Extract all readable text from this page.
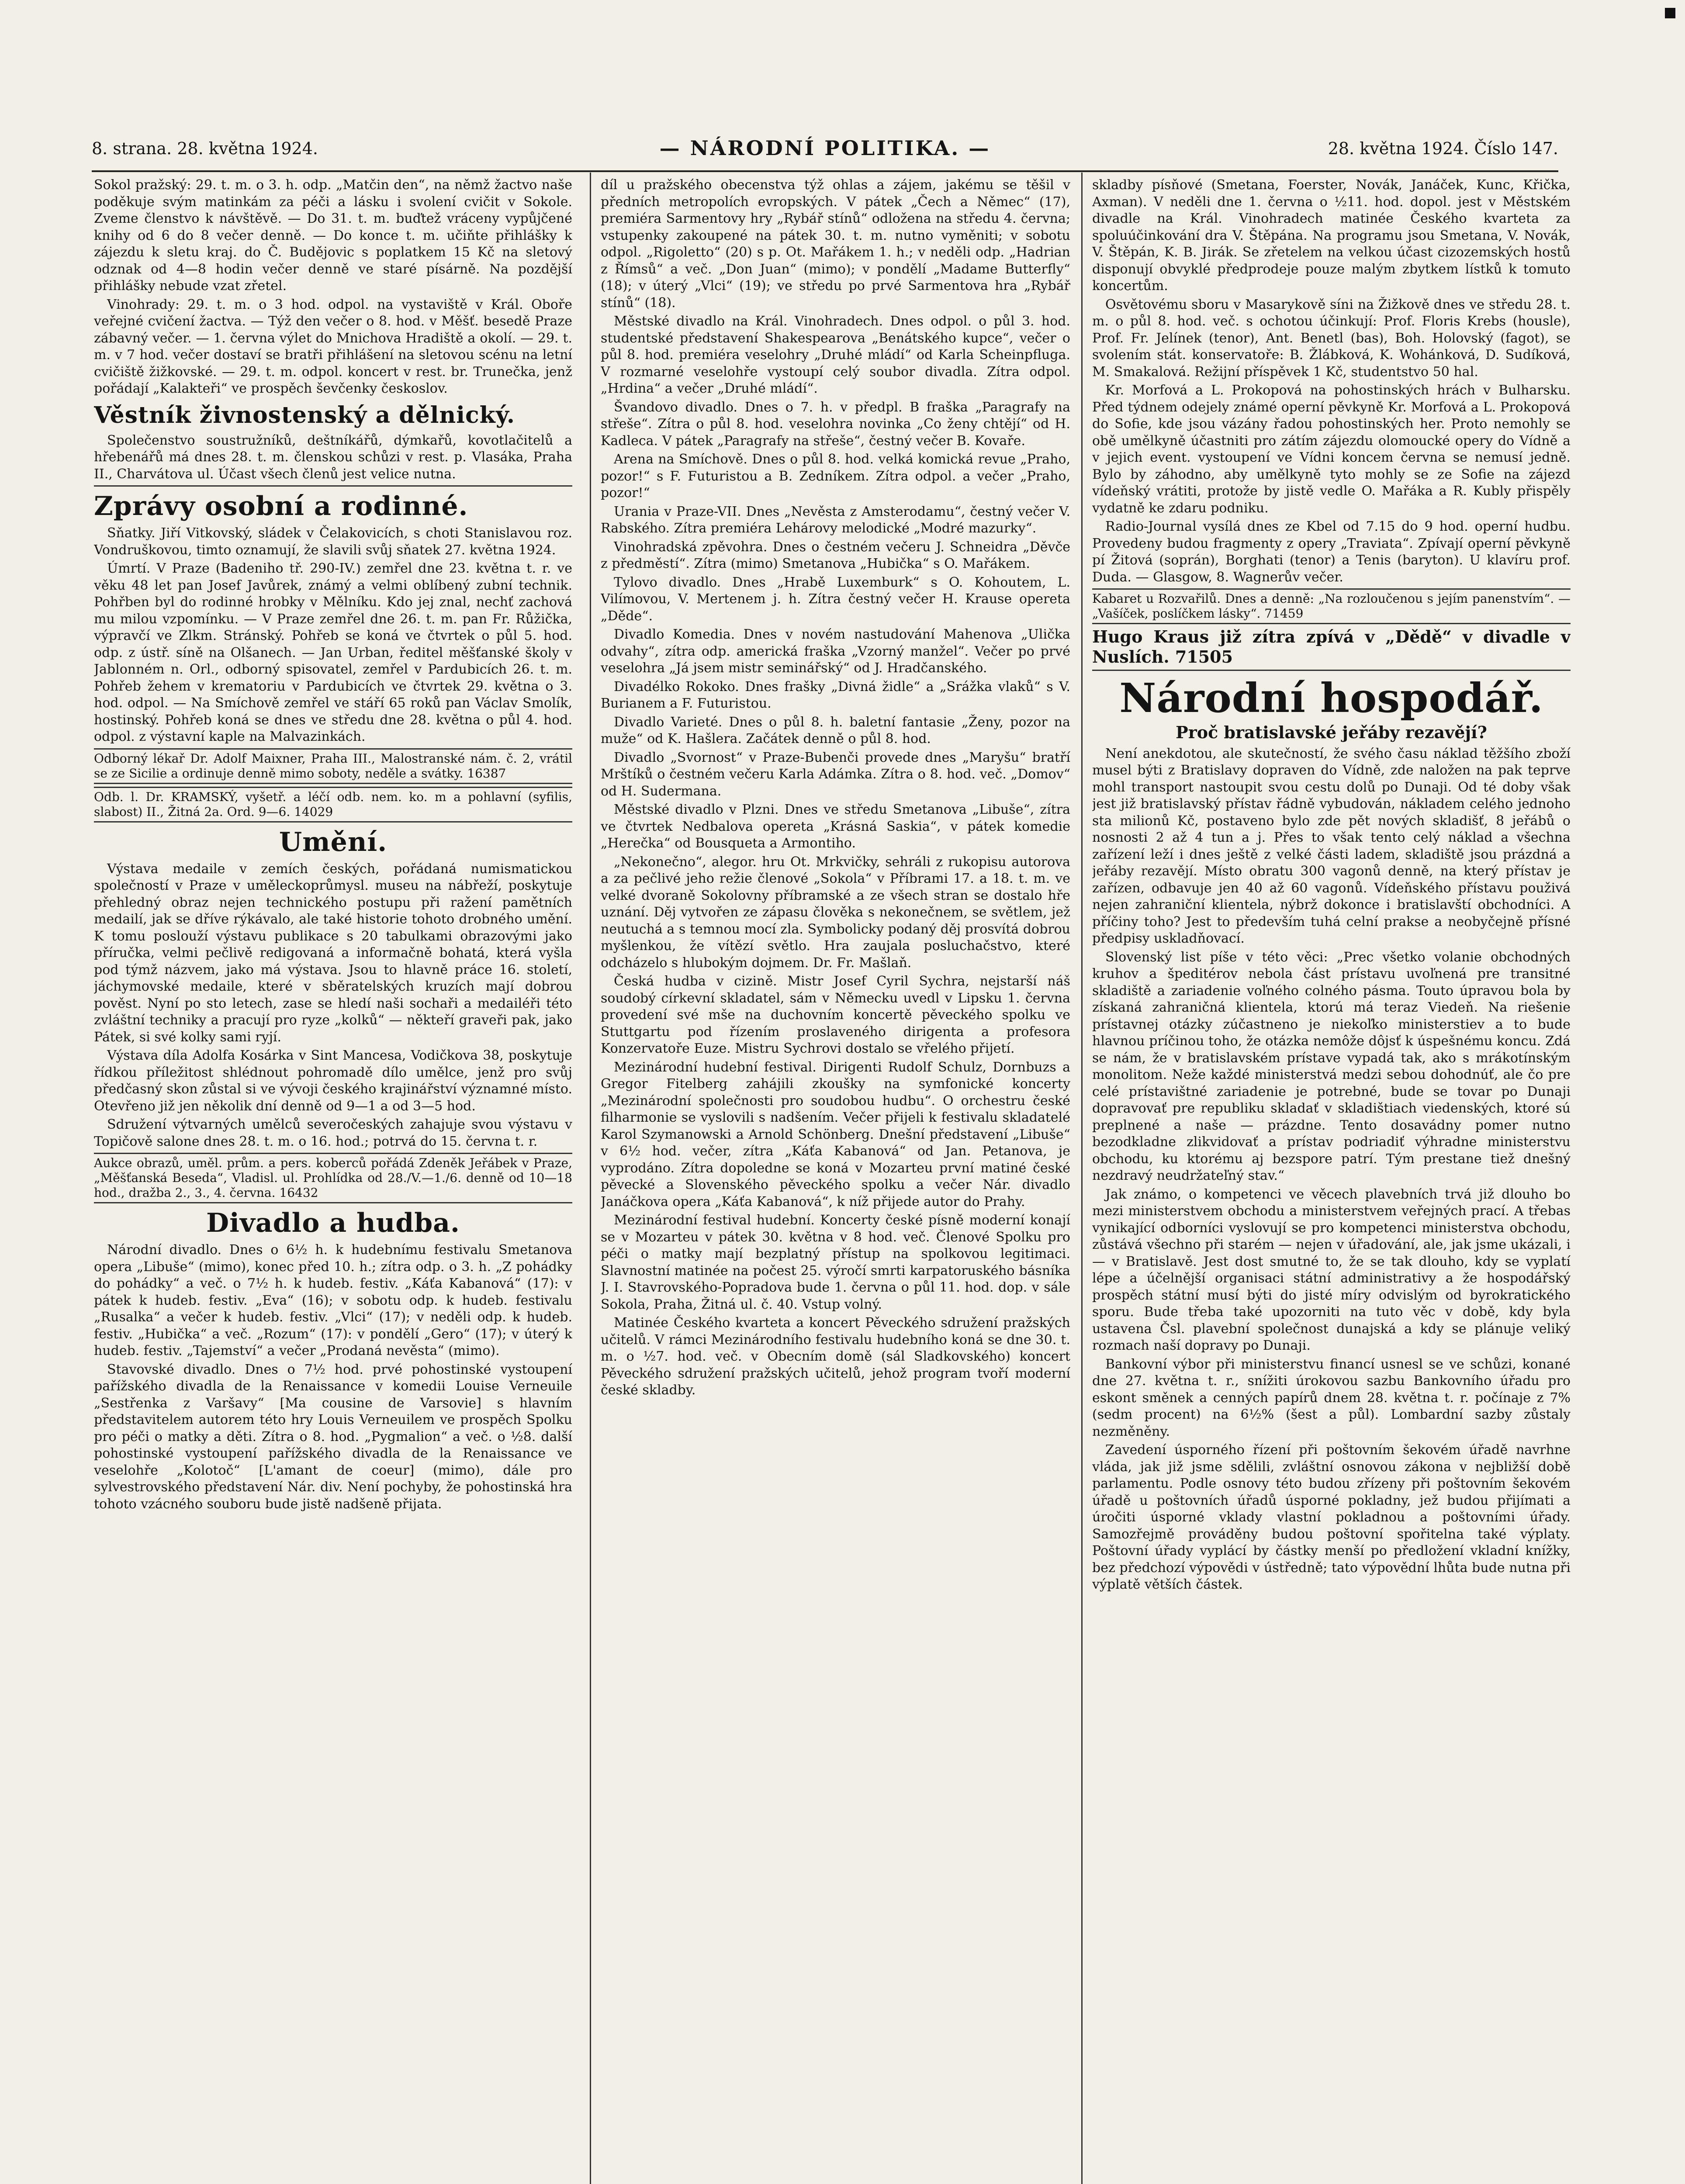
8. strana. 28. května 1924.	— NÁRODNÍ POLITIKA. —	28. května 1924. Číslo 147.

Sokol pražský: 29. t. m. o 3. h. odp. „Matčin den“, na němž žactvo naše poděkuje svým matinkám za péči a lásku i svolení cvičit v Sokole. Zveme členstvo k návštěvě. — Do 31. t. m. buďtež vráceny vypůjčené knihy od 6 do 8 večer denně. — Do konce t. m. učiňte přihlášky k zájezdu k sletu kraj. do Č. Budějovic s poplatkem 15 Kč na sletový odznak od 4—8 hodin večer denně ve staré písárně. Na pozdější přihlášky nebude vzat zřetel.

Vinohrady: 29. t. m. o 3 hod. odpol. na vystaviště v Král. Oboře veřejné cvičení žactva. — Týž den večer o 8. hod. v Měšť. besedě Praze zábavný večer. — 1. června výlet do Mnichova Hradiště a okolí. — 29. t. m. v 7 hod. večer dostaví se bratři přihlášení na sletovou scénu na letní cvičiště žižkovské. — 29. t. m. odpol. koncert v rest. br. Trunečka, jenž pořádají „Kalakteři“ ve prospěch ševčenky českoslov.

Věstník živnostenský a dělnický.

Společenstvo soustružníků, deštníkářů, dýmkařů, kovotlačitelů a hřebenářů má dnes 28. t. m. členskou schůzi v rest. p. Vlasáka, Praha II., Charvátova ul. Účast všech členů jest velice nutna.

Zprávy osobní a rodinné.

Sňatky. Jiří Vitkovský, sládek v Čelakovicích, s choti Stanislavou roz. Vondruškovou, timto oznamují, že slavili svůj sňatek 27. května 1924.

Úmrtí. V Praze (Badeniho tř. 290-IV.) zemřel dne 23. května t. r. ve věku 48 let pan Josef Javůrek, známý a velmi oblíbený zubní technik. Pohřben byl do rodinné hrobky v Mělníku. Kdo jej znal, nechť zachová mu milou vzpomínku. — V Praze zemřel dne 26. t. m. pan Fr. Růžička, výpravčí ve Zlkm. Stránský. Pohřeb se koná ve čtvrtek o půl 5. hod. odp. z ústř. síně na Olšanech. — Jan Urban, ředitel měšťanské školy v Jablonném n. Orl., odborný spisovatel, zemřel v Pardubicích 26. t. m. Pohřeb žehem v krematoriu v Pardubicích ve čtvrtek 29. května o 3. hod. odpol. — Na Smíchově zemřel ve stáří 65 roků pan Václav Smolík, hostinský. Pohřeb koná se dnes ve středu dne 28. května o půl 4. hod. odpol. z výstavní kaple na Malvazinkách.

Odborný lékař Dr. Adolf Maixner, Praha III., Malostranské nám. č. 2, vrátil se ze Sicilie a ordinuje denně mimo soboty, neděle a svátky. 16387
Odb. l. Dr. KRAMSKÝ, vyšetř. a léčí odb. nem. ko. m a pohlavní (syfilis, slabost) II., Žitná 2a. Ord. 9—6. 14029
Umění.

Výstava medaile v zemích českých, pořádaná numismatickou společností v Praze v uměleckoprůmysl. museu na nábřeží, poskytuje přehledný obraz nejen technického postupu při ražení pamětních medailí, jak se dříve rýkávalo, ale také historie tohoto drobného umění. K tomu poslouží výstavu publikace s 20 tabulkami obrazovými jako příručka, velmi pečlivě redigovaná a informačně bohatá, která vyšla pod týmž názvem, jako má výstava. Jsou to hlavně práce 16. století, jáchymovské medaile, které v sběratelských kruzích mají dobrou pověst. Nyní po sto letech, zase se hledí naši sochaři a medailéři této zvláštní techniky a pracují pro ryze „kolků“ — někteří graveři pak, jako Pátek, si své kolky sami ryjí.

Výstava díla Adolfa Kosárka v Sint Mancesa, Vodičkova 38, poskytuje řídkou příležitost shlédnout pohromadě dílo umělce, jenž pro svůj předčasný skon zůstal si ve vývoji českého krajinářství významné místo. Otevřeno již jen několik dní denně od 9—1 a od 3—5 hod.

Sdružení výtvarných umělců severočeských zahajuje svou výstavu v Topičově salone dnes 28. t. m. o 16. hod.; potrvá do 15. června t. r.

Aukce obrazů, uměl. prům. a pers. koberců pořádá Zdeněk Jeřábek v Praze, „Měšťanská Beseda“, Vladisl. ul. Prohlídka od 28./V.—1./6. denně od 10—18 hod., dražba 2., 3., 4. června. 16432
Divadlo a hudba.

Národní divadlo. Dnes o 6½ h. k hudebnímu festivalu Smetanova opera „Libuše“ (mimo), konec před 10. h.; zítra odp. o 3. h. „Z pohádky do pohádky“ a več. o 7½ h. k hudeb. festiv. „Káťa Kabanová“ (17): v pátek k hudeb. festiv. „Eva“ (16); v sobotu odp. k hudeb. festivalu „Rusalka“ a večer k hudeb. festiv. „Vlci“ (17); v neděli odp. k hudeb. festiv. „Hubička“ a več. „Rozum“ (17): v pondělí „Gero“ (17); v úterý k hudeb. festiv. „Tajemství“ a večer „Prodaná nevěsta“ (mimo).

Stavovské divadlo. Dnes o 7½ hod. prvé pohostinské vystoupení pařížského divadla de la Renaissance v komedii Louise Verneuile „Sestřenka z Varšavy“ [Ma cousine de Varsovie] s hlavním představitelem autorem této hry Louis Verneuilem ve prospěch Spolku pro péči o matky a děti. Zítra o 8. hod. „Pygmalion“ a več. o ½8. další pohostinské vystoupení pařížského divadla de la Renaissance ve veselohře „Kolotoč“ [L'amant de coeur] (mimo), dále pro sylvestrovského představení Nár. div. Není pochyby, že pohostinská hra tohoto vzácného souboru bude jistě nadšeně přijata.

díl u pražského obecenstva týž ohlas a zájem, jakému se těšil v předních metropolích evropských. V pátek „Čech a Němec“ (17), premiéra Sarmentovy hry „Rybář stínů“ odložena na středu 4. června; vstupenky zakoupené na pátek 30. t. m. nutno vyměniti; v sobotu odpol. „Rigoletto“ (20) s p. Ot. Mařákem 1. h.; v neděli odp. „Hadrian z Římsů“ a več. „Don Juan“ (mimo); v pondělí „Madame Butterfly“ (18); v úterý „Vlci“ (19); ve středu po prvé Sarmentova hra „Rybář stínů“ (18).

Městské divadlo na Král. Vinohradech. Dnes odpol. o půl 3. hod. studentské představení Shakespearova „Benátského kupce“, večer o půl 8. hod. premiéra veselohry „Druhé mládí“ od Karla Scheinpfluga. V rozmarné veselohře vystoupí celý soubor divadla. Zítra odpol. „Hrdina“ a večer „Druhé mládí“.

Švandovo divadlo. Dnes o 7. h. v předpl. B fraška „Paragrafy na střeše“. Zítra o půl 8. hod. veselohra novinka „Co ženy chtějí“ od H. Kadleca. V pátek „Paragrafy na střeše“, čestný večer B. Kovaře.

Arena na Smíchově. Dnes o půl 8. hod. velká komická revue „Praho, pozor!“ s F. Futuristou a B. Zedníkem. Zítra odpol. a večer „Praho, pozor!“

Urania v Praze-VII. Dnes „Nevěsta z Amsterodamu“, čestný večer V. Rabského. Zítra premiéra Lehárovy melodické „Modré mazurky“.

Vinohradská zpěvohra. Dnes o čestném večeru J. Schneidra „Děvče z předměstí“. Zítra (mimo) Smetanova „Hubička“ s O. Mařákem.

Tylovo divadlo. Dnes „Hrabě Luxemburk“ s O. Kohoutem, L. Vilímovou, V. Mertenem j. h. Zítra čestný večer H. Krause opereta „Děde“.

Divadlo Komedia. Dnes v novém nastudování Mahenova „Ulička odvahy“, zítra odp. americká fraška „Vzorný manžel“. Večer po prvé veselohra „Já jsem mistr seminářský“ od J. Hradčanského.

Divadélko Rokoko. Dnes frašky „Divná židle“ a „Srážka vlaků“ s V. Burianem a F. Futuristou.

Divadlo Varieté. Dnes o půl 8. h. baletní fantasie „Ženy, pozor na muže“ od K. Hašlera. Začátek denně o půl 8. hod.

Divadlo „Svornost“ v Praze-Bubenči provede dnes „Maryšu“ bratří Mrštíků o čestném večeru Karla Adámka. Zítra o 8. hod. več. „Domov“ od H. Sudermana.

Městské divadlo v Plzni. Dnes ve středu Smetanova „Libuše“, zítra ve čtvrtek Nedbalova opereta „Krásná Saskia“, v pátek komedie „Herečka“ od Bousqueta a Armontiho.

„Nekonečno“, alegor. hru Ot. Mrkvičky, sehráli z rukopisu autorova a za pečlivé jeho režie členové „Sokola“ v Příbrami 17. a 18. t. m. ve velké dvoraně Sokolovny příbramské a ze všech stran se dostalo hře uznání. Děj vytvořen ze zápasu člověka s nekonečnem, se světlem, jež neutuchá a s temnou mocí zla. Symbolicky podaný děj prosvítá dobrou myšlenkou, že vítězí světlo. Hra zaujala posluchačstvo, které odcházelo s hlubokým dojmem. Dr. Fr. Mašlaň.

Česká hudba v cizině. Mistr Josef Cyril Sychra, nejstarší náš soudobý církevní skladatel, sám v Německu uvedl v Lipsku 1. června provedení své mše na duchovním koncertě pěveckého spolku ve Stuttgartu pod řízením proslaveného dirigenta a profesora Konzervatoře Euze. Mistru Sychrovi dostalo se vřelého přijetí.

Mezinárodní hudební festival. Dirigenti Rudolf Schulz, Dornbuzs a Gregor Fitelberg zahájili zkoušky na symfonické koncerty „Mezinárodní společnosti pro soudobou hudbu“. O orchestru české filharmonie se vyslovili s nadšením. Večer přijeli k festivalu skladatelé Karol Szymanowski a Arnold Schönberg. Dnešní představení „Libuše“ v 6½ hod. večer, zítra „Káťa Kabanová“ od Jan. Petanova, je vyprodáno. Zítra dopoledne se koná v Mozarteu první matiné české pěvecké a Slovenského pěveckého spolku a večer Nár. divadlo Janáčkova opera „Káťa Kabanová“, k níž přijede autor do Prahy.

Mezinárodní festival hudební. Koncerty české písně moderní konají se v Mozarteu v pátek 30. května v 8 hod. več. Členové Spolku pro péči o matky mají bezplatný přístup na spolkovou legitimaci. Slavnostní matinée na počest 25. výročí smrti karpatoruského básníka J. I. Stavrovského-Popradova bude 1. června o půl 11. hod. dop. v sále Sokola, Praha, Žitná ul. č. 40. Vstup volný.

Matinée Českého kvarteta a koncert Pěveckého sdružení pražských učitelů. V rámci Mezinárodního festivalu hudebního koná se dne 30. t. m. o ½7. hod. več. v Obecním domě (sál Sladkovského) koncert Pěveckého sdružení pražských učitelů, jehož program tvoří moderní české skladby.

skladby písňové (Smetana, Foerster, Novák, Janáček, Kunc, Křička, Axman). V neděli dne 1. června o ½11. hod. dopol. jest v Městském divadle na Král. Vinohradech matinée Českého kvarteta za spoluúčinkování dra V. Štěpána. Na programu jsou Smetana, V. Novák, V. Štěpán, K. B. Jirák. Se zřetelem na velkou účast cizozemských hostů disponují obvyklé předprodeje pouze malým zbytkem lístků k tomuto koncertům.

Osvětovému sboru v Masarykově síni na Žižkově dnes ve středu 28. t. m. o půl 8. hod. več. s ochotou účinkují: Prof. Floris Krebs (housle), Prof. Fr. Jelínek (tenor), Ant. Benetl (bas), Boh. Holovský (fagot), se svolením stát. konservatoře: B. Žlábková, K. Wohánková, D. Sudíková, M. Smakalová. Režijní příspěvek 1 Kč, studentstvo 50 hal.

Kr. Morfová a L. Prokopová na pohostinských hrách v Bulharsku. Před týdnem odejely známé operní pěvkyně Kr. Morfová a L. Prokopová do Sofie, kde jsou vázány řadou pohostinských her. Proto nemohly se obě umělkyně účastniti pro zátím zájezdu olomoucké opery do Vídně a v jejich event. vystoupení ve Vídni koncem června se nemusí jedně. Bylo by záhodno, aby umělkyně tyto mohly se ze Sofie na zájezd vídeňský vrátiti, protože by jistě vedle O. Mařáka a R. Kubly přispěly vydatně ke zdaru podniku.

Radio-Journal vysílá dnes ze Kbel od 7.15 do 9 hod. operní hudbu. Provedeny budou fragmenty z opery „Traviata“. Zpívají operní pěvkyně pí Žitová (soprán), Borghati (tenor) a Tenis (baryton). U klavíru prof. Duda. — Glasgow, 8. Wagnerův večer.

Kabaret u Rozvařilů. Dnes a denně: „Na rozloučenou s jejím panenstvím“. — „Vašíček, poslíčkem lásky“. 71459
Hugo Kraus již zítra zpívá v „Dědě“ v divadle v Nuslích. 71505
Národní hospodář.
Proč bratislavské jeřáby rezavějí?

Není anekdotou, ale skutečností, že svého času náklad těžšího zboží musel býti z Bratislavy dopraven do Vídně, zde naložen na pak teprve mohl transport nastoupit svou cestu dolů po Dunaji. Od té doby však jest již bratislavský přístav řádně vybudován, nákladem celého jednoho sta milionů Kč, postaveno bylo zde pět nových skladišť, 8 jeřábů o nosnosti 2 až 4 tun a j. Přes to však tento celý náklad a všechna zařízení leží i dnes ještě z velké části ladem, skladiště jsou prázdná a jeřáby rezavějí. Místo obratu 300 vagonů denně, na který přístav je zařízen, odbavuje jen 40 až 60 vagonů. Vídeňského přístavu použivá nejen zahraniční klientela, nýbrž dokonce i bratislavští obchodníci. A příčiny toho? Jest to především tuhá celní prakse a neobyčejně přísné předpisy uskladňovací.

Slovenský list píše v této věci: „Prec všetko volanie obchodných kruhov a špeditérov nebola část prístavu uvoľnená pre transitné skladiště a zariadenie voľného colného pásma. Touto úpravou bola by získaná zahraničná klientela, ktorú má teraz Viedeň. Na riešenie prístavnej otázky zúčastneno je niekoľko ministerstiev a to bude hlavnou príčinou toho, že otázka nemôže dôjsť k úspešnému koncu. Zdá se nám, že v bratislavském prístave vypadá tak, ako s mrákotínským monolitom. Neže každé ministerstvá medzi sebou dohodnúť, ale čo pre celé prístavištné zariadenie je potrebné, bude se tovar po Dunaji dopravovať pre republiku skladať v skladištiach viedenských, ktoré sú preplnené a naše — prázdne. Tento dosavádny pomer nutno bezodkladne zlikvidovať a prístav podriadiť výhradne ministerstvu obchodu, ku ktorému aj bezspore patrí. Tým prestane tiež dnešný nezdravý neudržateľný stav.“

Jak známo, o kompetenci ve věcech plavebních trvá již dlouho bo mezi ministerstvem obchodu a ministerstvem veřejných prací. A třebas vynikající odborníci vyslovují se pro kompetenci ministerstva obchodu, zůstává všechno při starém — nejen v úřadování, ale, jak jsme ukázali, i — v Bratislavě. Jest dost smutné to, že se tak dlouho, kdy se vyplatí lépe a účelnější organisaci státní administrativy a že hospodářský prospěch státní musí býti do jisté míry odvislým od byrokratického sporu. Bude třeba také upozorniti na tuto věc v době, kdy byla ustavena Čsl. plavební společnost dunajská a kdy se plánuje veliký rozmach naší dopravy po Dunaji.

Bankovní výbor při ministerstvu financí usnesl se ve schůzi, konané dne 27. května t. r., snížiti úrokovou sazbu Bankovního úřadu pro eskont směnek a cenných papírů dnem 28. května t. r. počínaje z 7% (sedm procent) na 6½% (šest a půl). Lombardní sazby zůstaly nezměněny.

Zavedení úsporného řízení při poštovním šekovém úřadě navrhne vláda, jak již jsme sdělili, zvláštní osnovou zákona v nejbližší době parlamentu. Podle osnovy této budou zřízeny při poštovním šekovém úřadě u poštovních úřadů úsporné pokladny, jež budou přijímati a úročiti úsporné vklady vlastní pokladnou a poštovními úřady. Samozřejmě prováděny budou poštovní spořitelna také výplaty. Poštovní úřady vyplácí by částky menší po předložení vkladní knížky, bez předchozí výpovědi v ústředně; tato výpovědní lhůta bude nutna při výplatě větších částek.
